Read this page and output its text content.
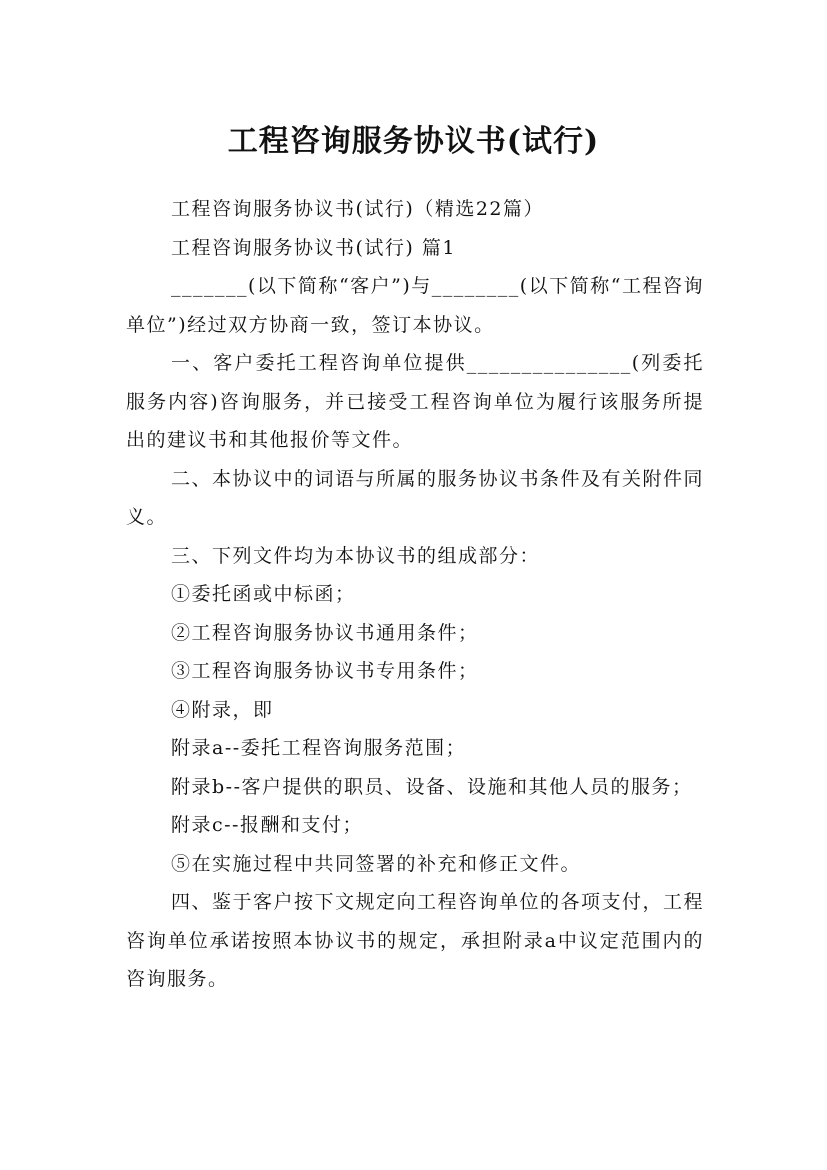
工程咨询服务协议书(试行)

工程咨询服务协议书(试行)（精选22篇）

工程咨询服务协议书(试行) 篇1

_______(以下简称“客户”)与________(以下简称“工程咨询单位”)经过双方协商一致，签订本协议。

一、客户委托工程咨询单位提供_______________(列委托服务内容)咨询服务，并已接受工程咨询单位为履行该服务所提出的建议书和其他报价等文件。

二、本协议中的词语与所属的服务协议书条件及有关附件同义。

三、下列文件均为本协议书的组成部分：

①委托函或中标函；

②工程咨询服务协议书通用条件；

③工程咨询服务协议书专用条件；

④附录，即

附录a--委托工程咨询服务范围；

附录b--客户提供的职员、设备、设施和其他人员的服务；

附录c--报酬和支付；

⑤在实施过程中共同签署的补充和修正文件。

四、鉴于客户按下文规定向工程咨询单位的各项支付，工程咨询单位承诺按照本协议书的规定，承担附录a中议定范围内的咨询服务。
